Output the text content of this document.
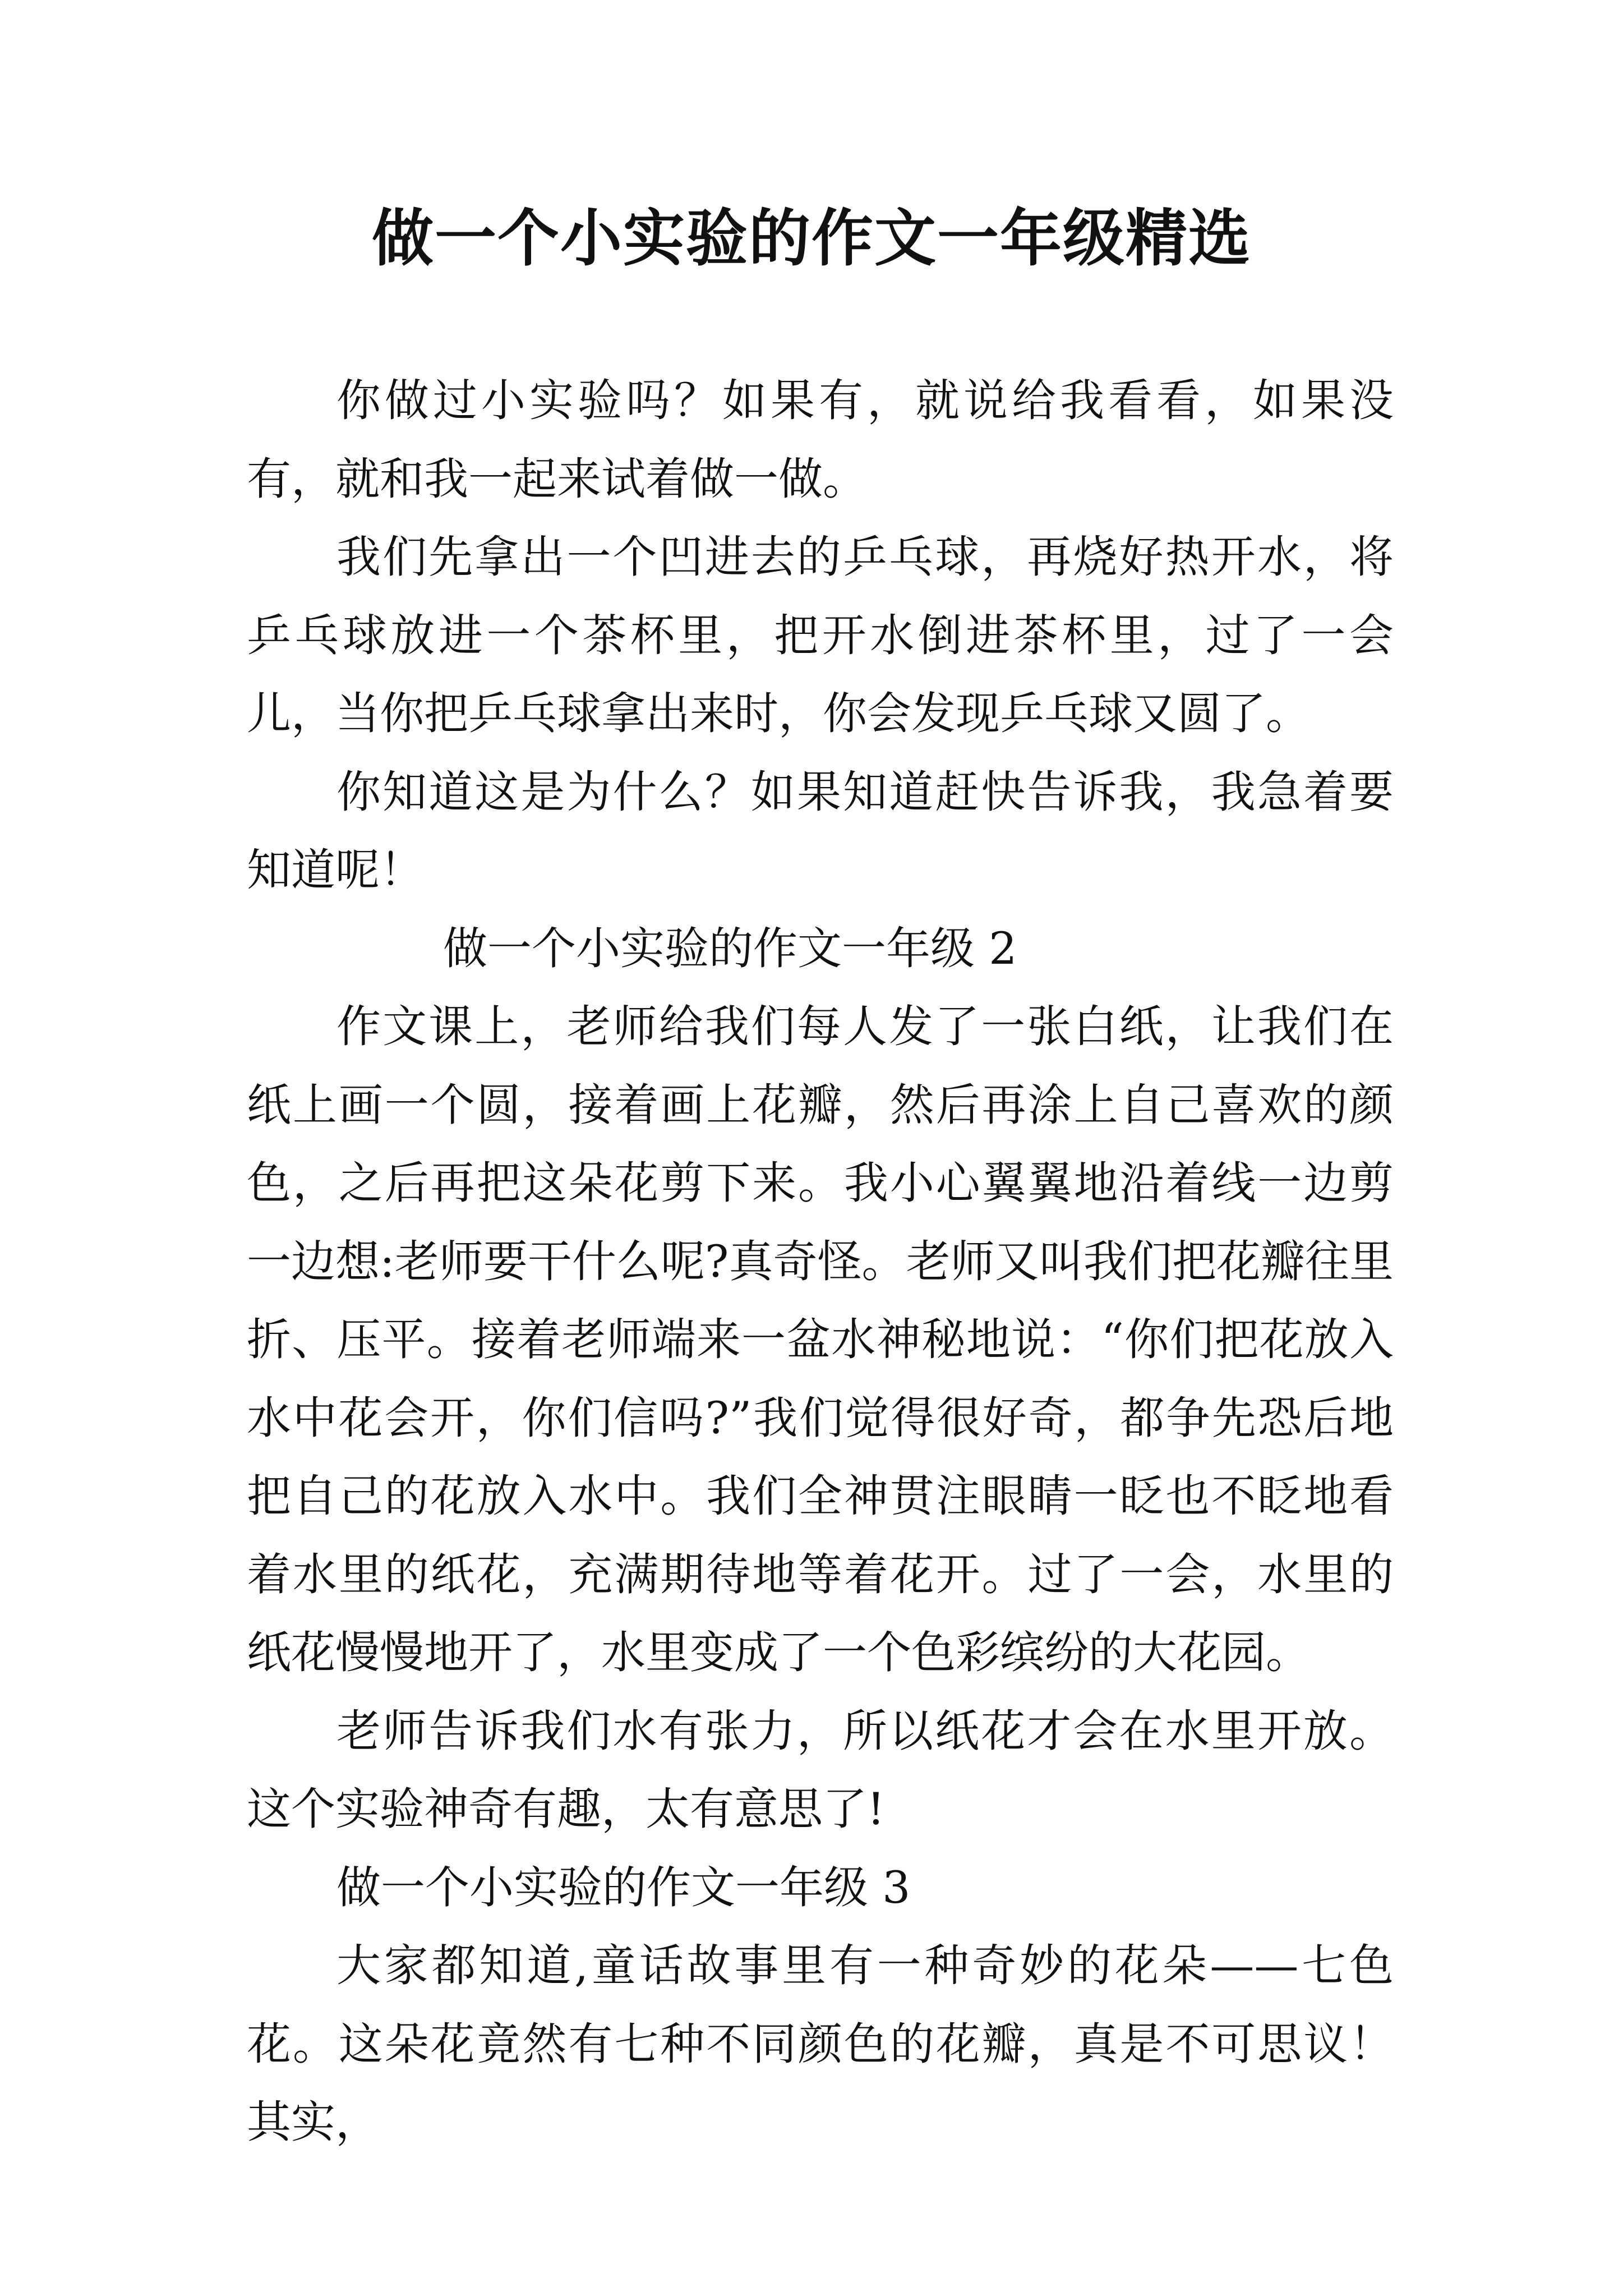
做一个小实验的作文一年级精选

你做过小实验吗？如果有，就说给我看看，如果没有，就和我一起来试着做一做。

我们先拿出一个凹进去的乒乓球，再烧好热开水，将乒乓球放进一个茶杯里，把开水倒进茶杯里，过了一会儿，当你把乒乓球拿出来时，你会发现乒乓球又圆了。

你知道这是为什么？如果知道赶快告诉我，我急着要知道呢！

做一个小实验的作文一年级 2

作文课上，老师给我们每人发了一张白纸，让我们在纸上画一个圆，接着画上花瓣，然后再涂上自己喜欢的颜色，之后再把这朵花剪下来。我小心翼翼地沿着线一边剪一边想:老师要干什么呢?真奇怪。老师又叫我们把花瓣往里折、压平。接着老师端来一盆水神秘地说：“你们把花放入水中花会开，你们信吗?”我们觉得很好奇，都争先恐后地把自己的花放入水中。我们全神贯注眼睛一眨也不眨地看着水里的纸花，充满期待地等着花开。过了一会，水里的纸花慢慢地开了，水里变成了一个色彩缤纷的大花园。

老师告诉我们水有张力，所以纸花才会在水里开放。这个实验神奇有趣，太有意思了!

做一个小实验的作文一年级 3

大家都知道,童话故事里有一种奇妙的花朵——七色花。这朵花竟然有七种不同颜色的花瓣，真是不可思议！其实，
